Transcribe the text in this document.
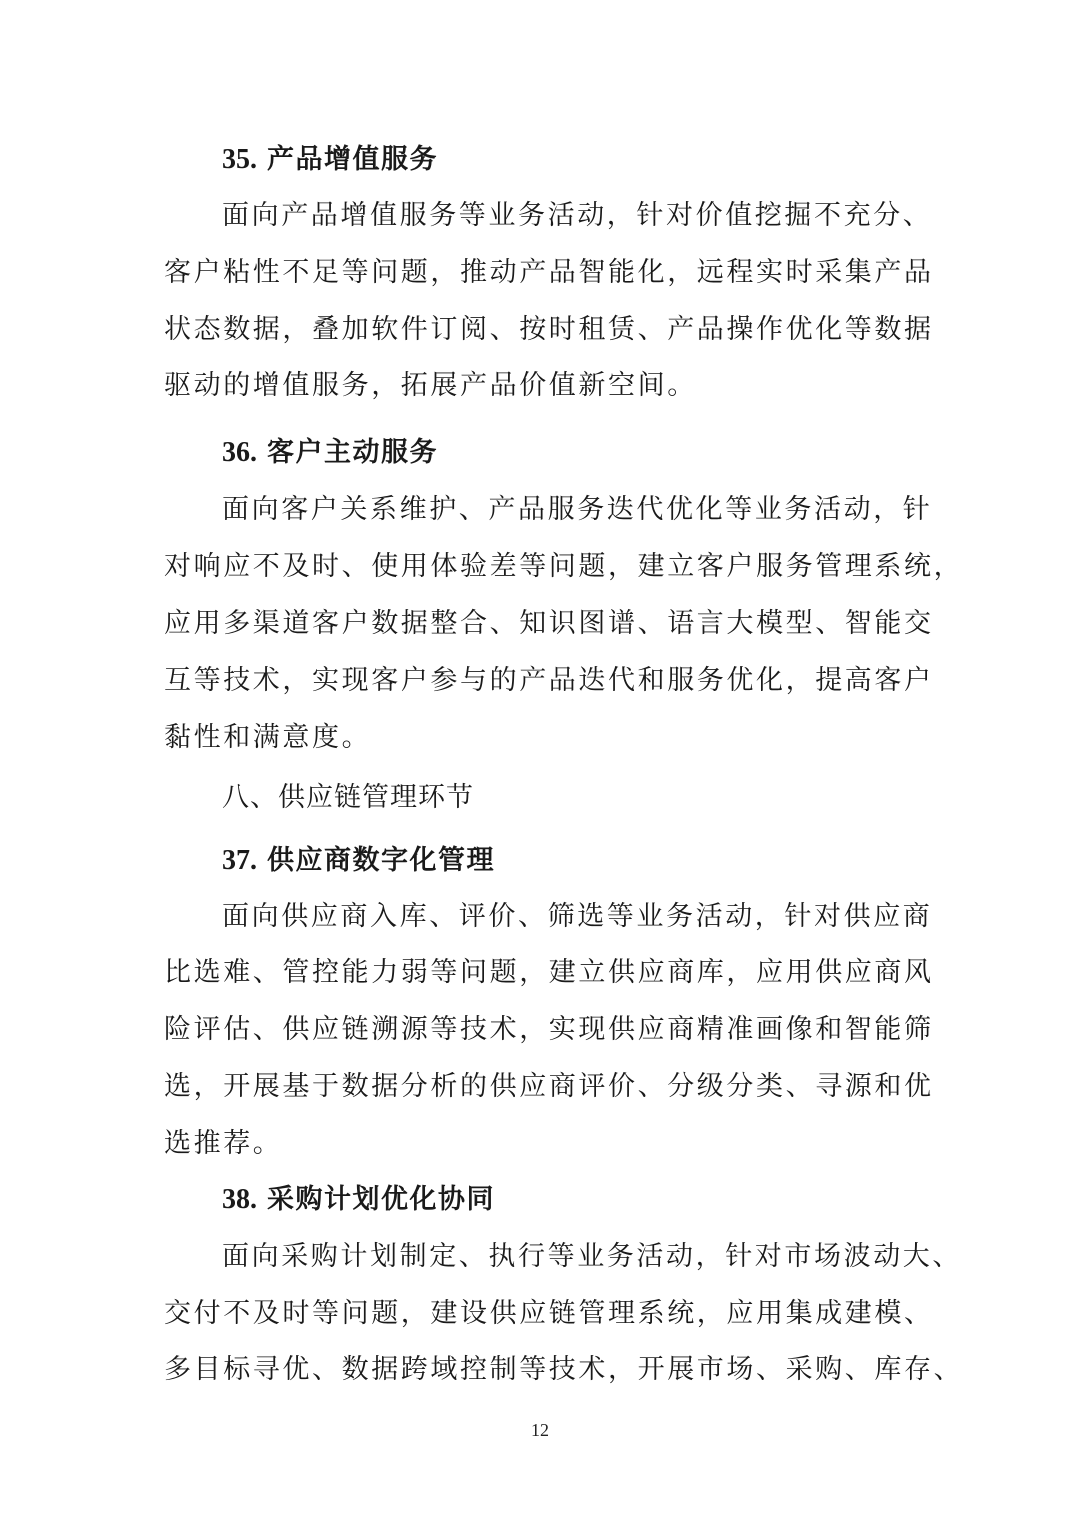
35. 产品增值服务
面向产品增值服务等业务活动，针对价值挖掘不充分、
客户粘性不足等问题，推动产品智能化，远程实时采集产品
状态数据，叠加软件订阅、按时租赁、产品操作优化等数据
驱动的增值服务，拓展产品价值新空间。
36. 客户主动服务
面向客户关系维护、产品服务迭代优化等业务活动，针
对响应不及时、使用体验差等问题，建立客户服务管理系统，
应用多渠道客户数据整合、知识图谱、语言大模型、智能交
互等技术，实现客户参与的产品迭代和服务优化，提高客户
黏性和满意度。
八、供应链管理环节
37. 供应商数字化管理
面向供应商入库、评价、筛选等业务活动，针对供应商
比选难、管控能力弱等问题，建立供应商库，应用供应商风
险评估、供应链溯源等技术，实现供应商精准画像和智能筛
选，开展基于数据分析的供应商评价、分级分类、寻源和优
选推荐。
38. 采购计划优化协同
面向采购计划制定、执行等业务活动，针对市场波动大、
交付不及时等问题，建设供应链管理系统，应用集成建模、
多目标寻优、数据跨域控制等技术，开展市场、采购、库存、
12
